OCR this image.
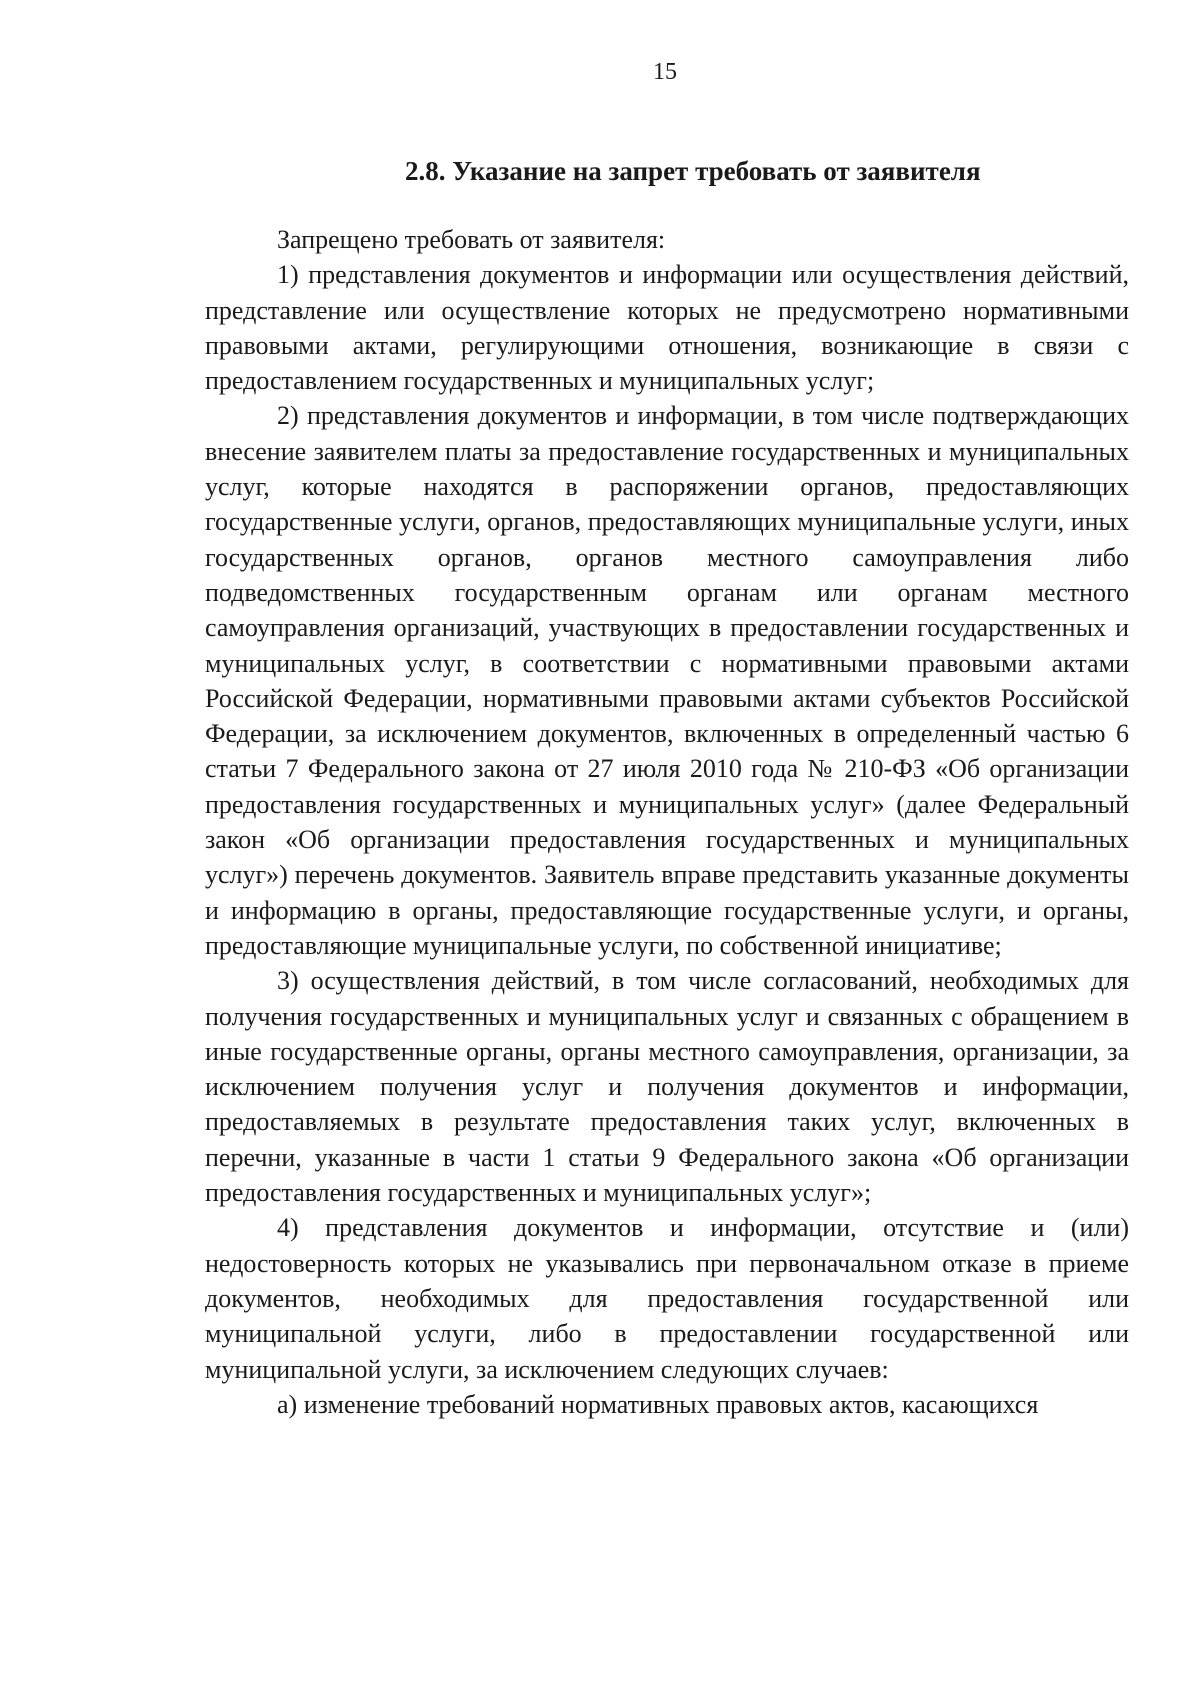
15
2.8. Указание на запрет требовать от заявителя

Запрещено требовать от заявителя:

1) представления документов и информации или осуществления действий, представление или осуществление которых не предусмотрено нормативными правовыми актами, регулирующими отношения, возникающие в связи с предоставлением государственных и муниципальных услуг;

2) представления документов и информации, в том числе подтверждающих внесение заявителем платы за предоставление государственных и муниципальных услуг, которые находятся в распоряжении органов, предоставляющих государственные услуги, органов, предоставляющих муниципальные услуги, иных государственных органов, органов местного самоуправления либо подведомственных государственным органам или органам местного самоуправления организаций, участвующих в предоставлении государственных и муниципальных услуг, в соответствии с нормативными правовыми актами Российской Федерации, нормативными правовыми актами субъектов Российской Федерации, за исключением документов, включенных в определенный частью 6 статьи 7 Федерального закона от 27 июля 2010 года № 210-ФЗ «Об организации предоставления государственных и муниципальных услуг» (далее Федеральный закон «Об организации предоставления государственных и муниципальных услуг») перечень документов. Заявитель вправе представить указанные документы и информацию в органы, предоставляющие государственные услуги, и органы, предоставляющие муниципальные услуги, по собственной инициативе;

3) осуществления действий, в том числе согласований, необходимых для получения государственных и муниципальных услуг и связанных с обращением в иные государственные органы, органы местного самоуправления, организации, за исключением получения услуг и получения документов и информации, предоставляемых в результате предоставления таких услуг, включенных в перечни, указанные в части 1 статьи 9 Федерального закона «Об организации предоставления государственных и муниципальных услуг»;

4) представления документов и информации, отсутствие и (или) недостоверность которых не указывались при первоначальном отказе в приеме документов, необходимых для предоставления государственной или муниципальной услуги, либо в предоставлении государственной или муниципальной услуги, за исключением следующих случаев:

а) изменение требований нормативных правовых актов, касающихся
